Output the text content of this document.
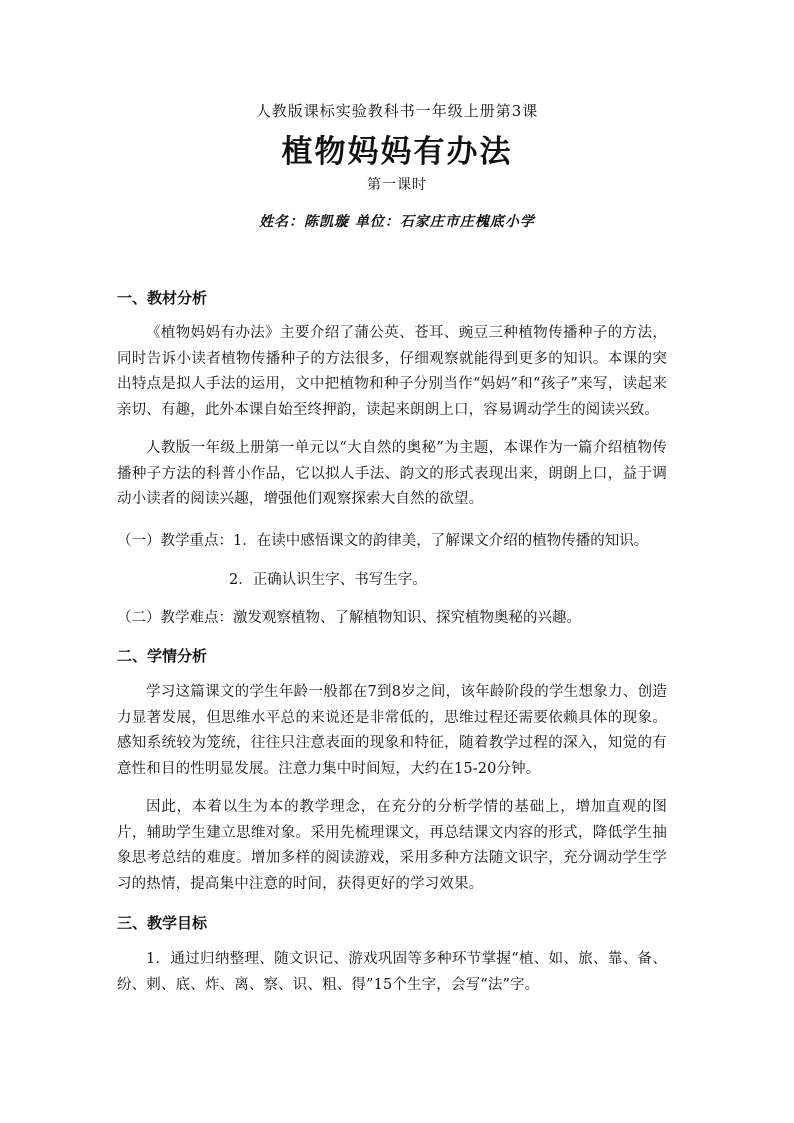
人教版课标实验教科书一年级上册第3课
植物妈妈有办法
第一课时
姓名：陈凯璇 单位：石家庄市庄槐底小学
一、教材分析
《植物妈妈有办法》主要介绍了蒲公英、苍耳、豌豆三种植物传播种子的方法，同时告诉小读者植物传播种子的方法很多，仔细观察就能得到更多的知识。本课的突出特点是拟人手法的运用，文中把植物和种子分别当作“妈妈”和“孩子”来写，读起来亲切、有趣，此外本课自始至终押韵，读起来朗朗上口，容易调动学生的阅读兴致。
人教版一年级上册第一单元以“大自然的奥秘”为主题，本课作为一篇介绍植物传播种子方法的科普小作品，它以拟人手法、韵文的形式表现出来，朗朗上口，益于调动小读者的阅读兴趣，增强他们观察探索大自然的欲望。
（一）教学重点：1．在读中感悟课文的韵律美，了解课文介绍的植物传播的知识。
2．正确认识生字、书写生字。
（二）教学难点：激发观察植物、了解植物知识、探究植物奥秘的兴趣。
二、学情分析
学习这篇课文的学生年龄一般都在7到8岁之间，该年龄阶段的学生想象力、创造力显著发展，但思维水平总的来说还是非常低的，思维过程还需要依赖具体的现象。感知系统较为笼统，往往只注意表面的现象和特征，随着教学过程的深入，知觉的有意性和目的性明显发展。注意力集中时间短，大约在15-20分钟。
因此，本着以生为本的教学理念，在充分的分析学情的基础上，增加直观的图片，辅助学生建立思维对象。采用先梳理课文，再总结课文内容的形式，降低学生抽象思考总结的难度。增加多样的阅读游戏，采用多种方法随文识字，充分调动学生学习的热情，提高集中注意的时间，获得更好的学习效果。
三、教学目标
1．通过归纳整理、随文识记、游戏巩固等多种环节掌握“植、如、旅、靠、备、纷、刺、底、炸、离、察、识、粗、得”15个生字，会写“法”字。
